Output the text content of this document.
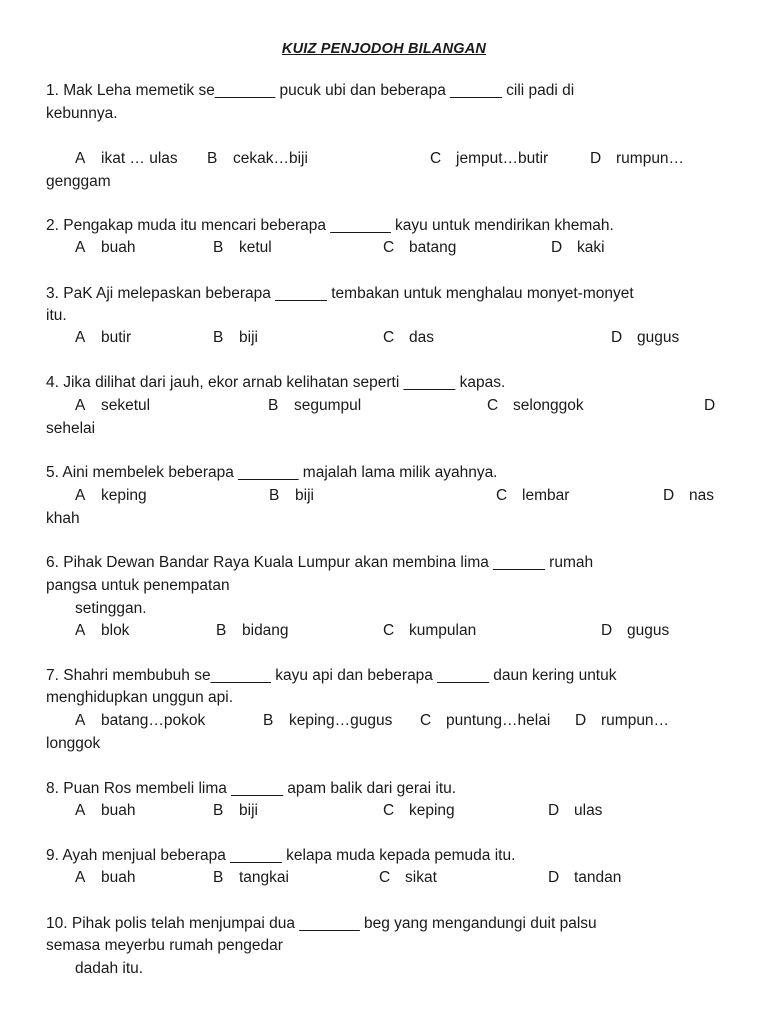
KUIZ PENJODOH BILANGAN
1. Mak Leha memetik se_______ pucuk ubi dan beberapa ______ cili padi di
kebunnya.
A ikat … ulas B cekak…biji	C jemput…butir	D rumpun…
genggam
2. Pengakap muda itu mencari beberapa _______ kayu untuk mendirikan khemah.
A buah	B ketul	C batang	D kaki
3. PaK Aji melepaskan beberapa ______ tembakan untuk menghalau monyet-monyet
itu.
A butir	B biji	C das	D gugus
4. Jika dilihat dari jauh, ekor arnab kelihatan seperti ______ kapas.
A seketul	B segumpul	C selonggok	D
sehelai
5. Aini membelek beberapa _______ majalah lama milik ayahnya.
A keping	B biji	C lembar	D nas
khah
6. Pihak Dewan Bandar Raya Kuala Lumpur akan membina lima ______ rumah
pangsa untuk penempatan
setinggan.
A blok	B bidang	C kumpulan	D gugus
7. Shahri membubuh se_______ kayu api dan beberapa ______ daun kering untuk
menghidupkan unggun api.
A batang…pokok	B keping…gugus C puntung…helai D rumpun…
longgok
8. Puan Ros membeli lima ______ apam balik dari gerai itu.
A buah	B biji	C keping	D ulas
9. Ayah menjual beberapa ______ kelapa muda kepada pemuda itu.
A buah	B tangkai	C sikat	D tandan
10. Pihak polis telah menjumpai dua _______ beg yang mengandungi duit palsu
semasa meyerbu rumah pengedar
dadah itu.
